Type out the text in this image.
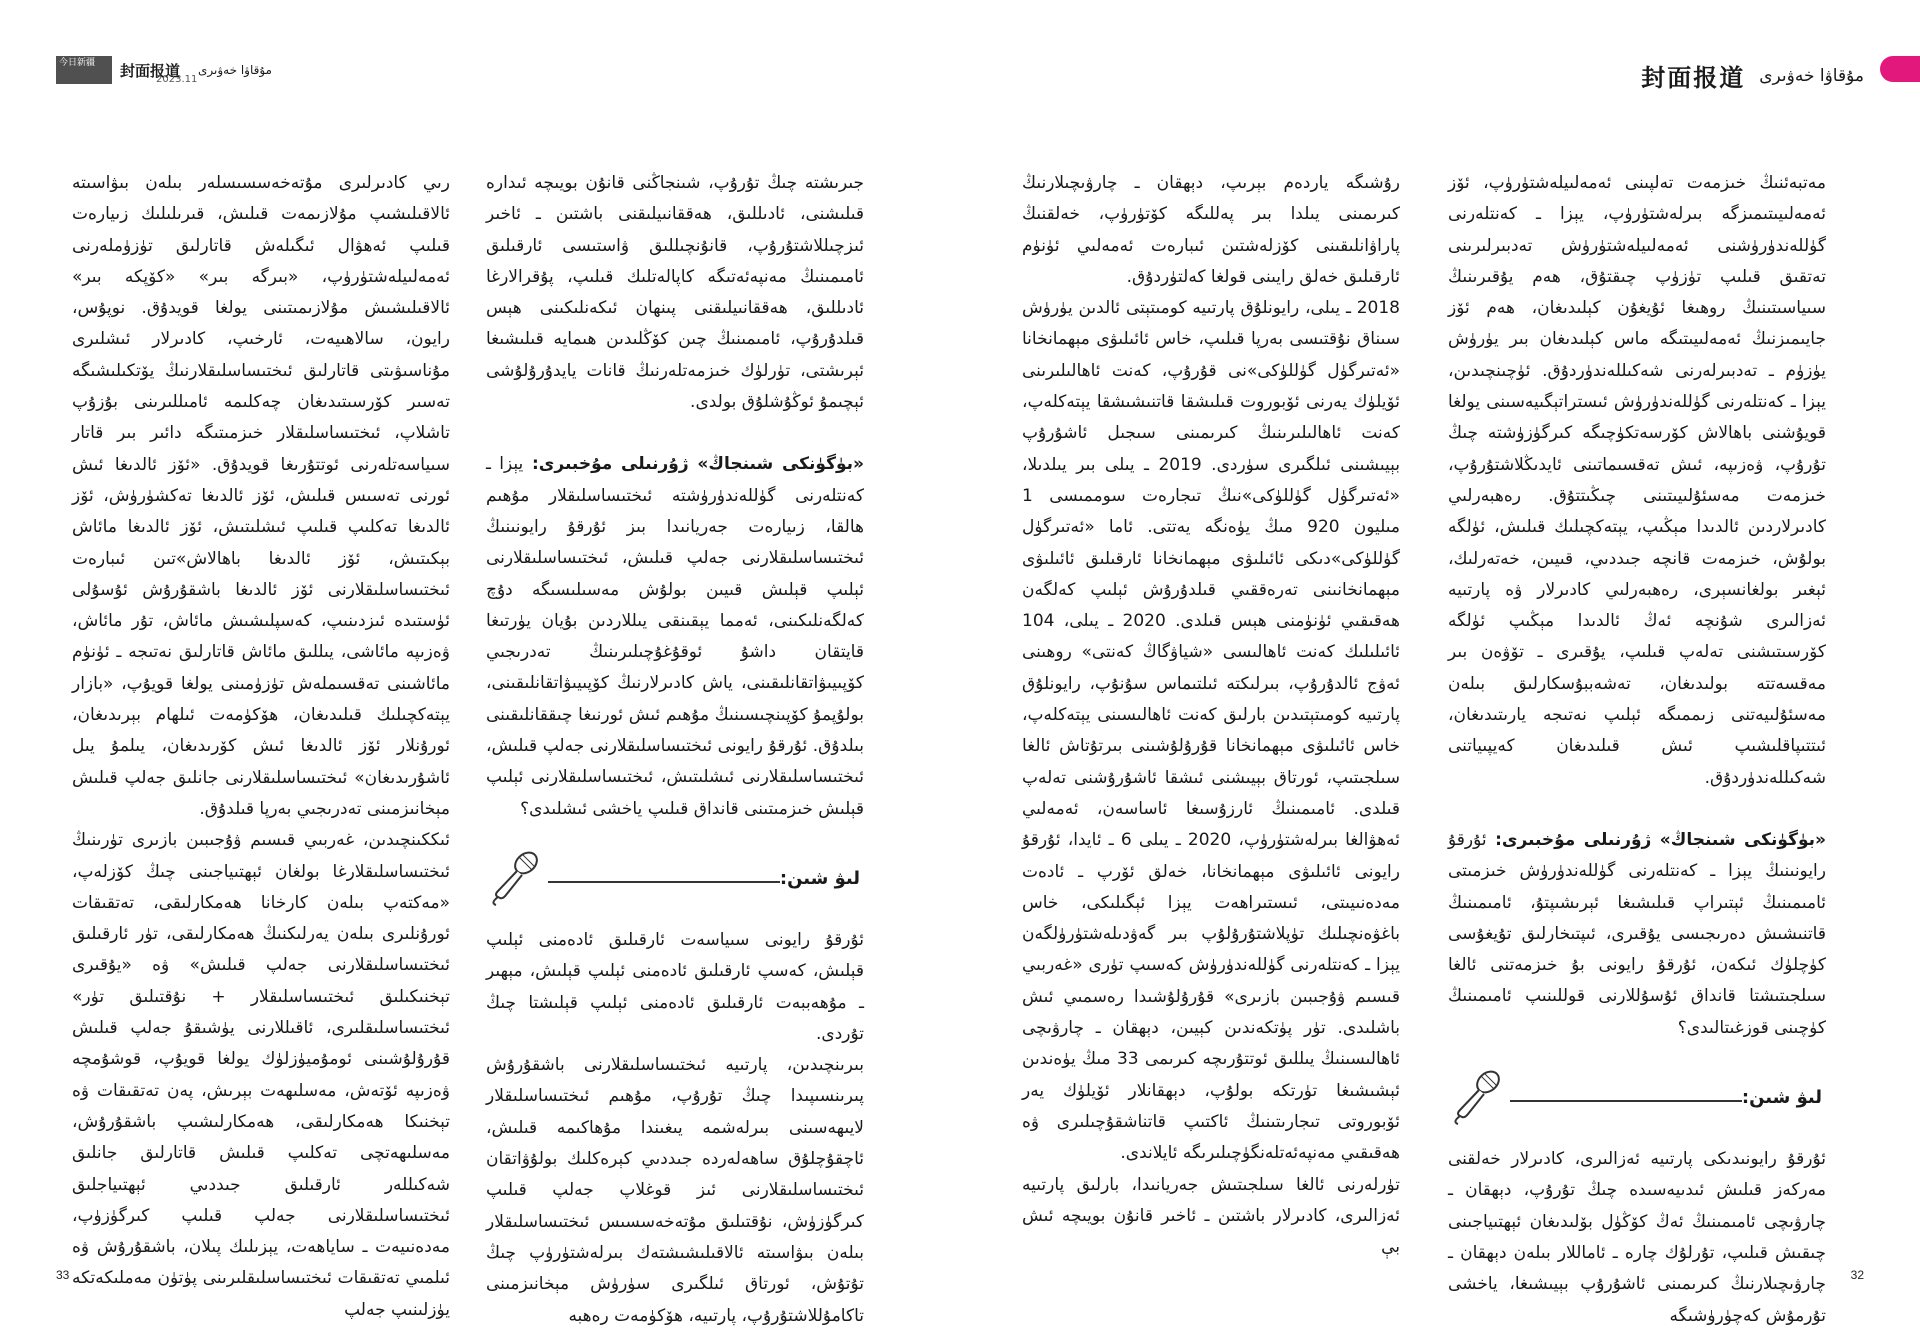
今日新疆	封面报道 مۇقاۋا خەۋىرى
2023.11	封面报道 مۇقاۋا خەۋىرى

مەتبەئنىڭ خىزمەت تەلپىنى ئەمەلىيلەشتۈرۈپ، ئۆز ئەمەلىيىتىمىزگە بىرلەشتۈرۈپ، يېزا ـ كەنتلەرنى گۈللەندۈرۈشنى ئەمەلىيلەشتۈرۈش تەدبىرلىرىنى تەتقىق قىلىپ تۈزۈپ چىقتۇق، ھەم يۇقىرىنىڭ سىياسىتىنىڭ روھىغا ئۇيغۇن كېلىدىغان، ھەم ئۆز جايىمىزنىڭ ئەمەلىيىتىگە ماس كېلىدىغان بىر يۈرۈش يۈزۈم ـ تەدبىرلەرنى شەكىللەندۈردۇق. ئۈچىنچىدىن، يېزا ـ كەنتلەرنى گۈللەندۈرۈش ئىستراتېگىيەسىنى يولغا قويۇشنى باھالاش كۆرسەتكۈچىگە كىرگۈزۈشتە چىڭ تۇرۇپ، ۋەزىپە، ئىش تەقسىماتىنى ئايدىڭلاشتۇرۇپ، خىزمەت مەسئۇلىيىتىنى چىڭىتتۇق. رەھبەرلىي كادىرلاردىن ئالدىدا مېڭىپ، يېتەكچىلىك قىلىش، ئۈلگە بولۇش، خىزمەت قانچە جىددىي، قىيىن، خەتەرلىك، ئېغىر بولغانسېرى، رەھبەرلىي كادىرلار ۋە پارتىيە ئەزالىرى شۇنچە ئەڭ ئالدىدا مېڭىپ ئۈلگە كۆرسىتىشنى تەلەپ قىلىپ، يۇقىرى ـ تۆۋەن بىر مەقسەتتە بولىدىغان، تەشەببۇسكارلىق بىلەن مەسئۇلىيەتنى زىممىگە ئېلىپ نەتىجە يارىتىدىغان، ئىتتىپاقلىشىپ ئىش قىلىدىغان كەيپىياتنى شەكىللەندۈردۇق.

«بۈگۈنكى شىنجاڭ» ژۇرنىلى مۇخبىرى: ئۇرقۇ رايونىنىڭ يېزا ـ كەنتلەرنى گۈللەندۈرۈش خىزمىتى ئامىمىنىڭ ئېتىراپ قىلىشىغا ئېرىشىپتۇ، ئامىمىنىڭ قاتنىشىش دەرىجىسى يۇقىرى، ئىپتىخارلىق تۇيغۇسى كۈچلۈك ئىكەن، ئۇرقۇ رايونى بۇ خىزمەتنى ئالغا سىلجىتىشتا قانداق ئۇسۇللارنى قوللىنىپ ئامىمىنىڭ كۈچىنى قوزغىتالىدى؟

لىۋ شىن:

ئۇرقۇ رايونىدىكى پارتىيە ئەزالىرى، كادىرلار خەلقنى مەركەز قىلىش ئىدىيەسىدە چىڭ تۇرۇپ، دېھقان ـ چارۋىچى ئامىمىنىڭ ئەڭ كۆڭۈل بۆلىدىغان ئېھتىياجىنى چىقىش قىلىپ، تۇرلۇك چارە ـ ئاماللار بىلەن دېھقان ـ چارۋىچىلارنىڭ كىرىمىنى ئاشۇرۇپ بېيىشىغا، ياخشى تۇرمۇش كەچۈرۈشىگە

رۇشىگە ياردەم بېرىپ، دېھقان ـ چارۋىچىلارنىڭ كىرىمىنى يىلدا بىر پەللىگە كۆتۈرۈپ، خەلقنىڭ پاراۋانلىقىنى كۆزلەشتىن ئىبارەت ئەمەلىي ئۈنۈم ئارقىلىق خەلق رايىنى قولغا كەلتۈردۇق.

2018 ـ يىلى، رايونلۇق پارتىيە كومىتېتى ئالدىن يۈرۈش سىناق نۇقتىسى بەرپا قىلىپ، خاس ئائىلىۋى مېھمانخانا «ئەتىرگۈل گۈللۈكى»نى قۇرۇپ، كەنت ئاھالىلىرىنى ئۆيلۈك يەرنى ئۆبوروت قىلىشقا قاتنىشىشقا يېتەكلەپ، كەنت ئاھالىلىرىنىڭ كىرىمىنى سىجىل ئاشۇرۇپ بېيىشىنى ئىلگىرى سۈردى. 2019 ـ يىلى بىر يىلدىلا، «ئەتىرگۈل گۈللۈكى»نىڭ تىجارەت سوممىسى 1 مىليون 920 مىڭ يۈەنگە يەتتى. ئاما «ئەتىرگۈل گۈللۈكى»دىكى ئائىلىۋى مېھمانخانا ئارقىلىق ئائىلىۋى مېھمانخانىنى تەرەققىي قىلدۇرۇش ئېلىپ كەلگەن ھەقىقىي ئۈنۈمنى ھېس قىلدى. 2020 ـ يىلى، 104 ئائىلىلىك كەنت ئاھالىسى «شياۋگاڭ كەنتى» روھىنى ئەۋج ئالدۇرۇپ، بىرلىكتە ئىلتىماس سۇنۇپ، رايونلۇق پارتىيە كومىتېتىدىن بارلىق كەنت ئاھالىسىنى يېتەكلەپ، خاس ئائىلىۋى مېھمانخانا قۇرۇلۇشىنى بىرتۇتاش ئالغا سىلجىتىپ، ئورتاق بېيىشنى ئىشقا ئاشۇرۇشنى تەلەپ قىلدى. ئامىمىنىڭ ئارزۇسىغا ئاساسەن، ئەمەلىي ئەھۋالغا بىرلەشتۈرۈپ، 2020 ـ يىلى 6 ـ ئايدا، ئۇرقۇ رايونى ئائىلىۋى مېھمانخانا، خەلق ئۆرپ ـ ئادەت مەدەنىيىتى، ئىستىراھەت يېزا ئېگىلىكى، خاس باغۋەنچىلىك تۈپلاشتۇرۇلۇپ بىر گەۋدىلەشتۈرۈلگەن يېزا ـ كەنتلەرنى گۈللەندۈرۈش كەسىپ تۈرى «غەربىي قىسىم ۋۇجىبىن بازىرى» قۇرۇلۇشىدا رەسمىي ئىش باشلىدى. تۈر پۈتكەندىن كېيىن، دېھقان ـ چارۋىچى ئاھالىسىنىڭ يىللىق ئوتتۇرىچە كىرىمى 33 مىڭ يۈەندىن ئېشىشىغا تۈرتكە بولۇپ، دېھقانلار ئۆيلۈك يەر ئۆبوروتى تىجارىتىنىڭ ئاكتىپ قاتناشقۇچىلىرى ۋە ھەقىقىي مەنپەئەتلەنگۈچىلىرىگە ئايلاندى.

تۈرلەرنى ئالغا سىلجىتىش جەريانىدا، بارلىق پارتىيە ئەزالىرى، كادىرلار باشتىن ـ ئاخىر قانۇن بويىچە ئىش بې

جىرىشتە چىڭ تۇرۇپ، شىنجاڭنى قانۇن بويىچە ئىدارە قىلىشنى، ئادىللىق، ھەققانىيلىقنى باشتىن ـ ئاخىر ئىزچىللاشتۇرۇپ، قانۇنچىللىق ۋاستىسى ئارقىلىق ئامىمىنىڭ مەنپەئەتىگە كاپالەتلىك قىلىپ، پۇقرالارغا ئادىللىق، ھەققانىيلىقنى پىنھان ئىكەنلىكىنى ھېس قىلدۇرۇپ، ئامىمىنىڭ چىن كۆڭلىدىن ھىمايە قىلىشىغا ئېرىشتى، تۈرلۈك خىزمەتلەرنىڭ قانات يايدۇرۇلۇشى ئېچىمۇ ئوڭۇشلۇق بولدى.

«بۈگۈنكى شىنجاڭ» ژۇرنىلى مۇخبىرى: يېزا ـ كەنتلەرنى گۈللەندۈرۈشتە ئىختىساسلىقلار مۇھىم ھالقا، زىيارەت جەريانىدا بىز ئۇرقۇ رايونىنىڭ ئىختىساسلىقلارنى جەلپ قىلىش، ئىختىساسلىقلارنى ئېلىپ قېلىش قىيىن بولۇش مەسىلىسىگە دۇچ كەلگەنلىكىنى، ئەمما يېقىنقى يىللاردىن بۇيان يۈرتىغا قايتقان داشۇ ئوقۇغۇچىلىرىنىڭ تەدرىجىي كۆپىيىۋاتقانلىقىنى، ياش كادىرلارنىڭ كۆپىيىۋاتقانلىقىنى، بولۇپمۇ كۆپىنچىسىنىڭ مۇھىم ئىش ئورنىغا چىققانلىقىنى بىلدۇق. ئۇرقۇ رايونى ئىختىساسلىقلارنى جەلپ قىلىش، ئىختىساسلىقلارنى ئىشلىتىش، ئىختىساسلىقلارنى ئېلىپ قېلىش خىزمىتىنى قانداق قىلىپ ياخشى ئىشلىدى؟

لىۋ شىن:

ئۇرقۇ رايونى سىياسەت ئارقىلىق ئادەمنى ئېلىپ قېلىش، كەسپ ئارقىلىق ئادەمنى ئېلىپ قېلىش، مېھىر ـ مۇھەببەت ئارقىلىق ئادەمنى ئېلىپ قېلىشتا چىڭ تۇردى.

بىرىنچىدىن، پارتىيە ئىختىساسلىقلارنى باشقۇرۇش پىرىنسىپىدا چىڭ تۇرۇپ، مۇھىم ئىختىساسلىقلار لايىھەسىنى بىرلەشمە يىغىندا مۇھاكىمە قىلىش، ئاچقۇچلۇق ساھەلەردە جىددىي كېرەكلىك بولۇۋاتقان ئىختىساسلىقلارنى ئىز قوغلاپ جەلپ قىلىپ كىرگۈزۈش، نۇقتىلىق مۇتەخەسسىس ئىختىساسلىقلار بىلەن بىۋاسىتە ئالاقىلىشىشتەك بىرلەشتۈرۈپ چىڭ تۇتۇش، ئورتاق ئىلگىرى سۈرۈش مېخانىزمىنى تاكامۇللاشتۇرۇپ، پارتىيە، ھۆكۈمەت رەھبە

رىي كادىرلىرى مۇتەخەسسىسلەر بىلەن بىۋاسىتە ئالاقىلىشىپ مۇلازىمەت قىلىش، قىرىلىلىك زىيارەت قىلىپ ئەھۋال ئىگىلەش قاتارلىق تۈزۈملەرنى ئەمەلىيلەشتۈرۈپ، «بىرگە بىر» «كۆپكە بىر» ئالاقىلىشىش مۇلازىمىتىنى يولغا قويدۇق. نوپۇس، رايون، سالاھىيەت، ئارخىپ، كادىرلار ئىشلىرى مۇناسىۋىتى قاتارلىق ئىختىساسلىقلارنىڭ يۆتكىلىشىگە تەسىر كۆرسىتىدىغان چەكلىمە ئامىللىرىنى بۇزۇپ تاشلاپ، ئىختىساسلىقلار خىزمىتىگە دائىر بىر قاتار سىياسەتلەرنى ئوتتۇرىغا قويدۇق. «ئۆز ئالدىغا ئىش ئورنى تەسىس قىلىش، ئۆز ئالدىغا تەكشۈرۈش، ئۆز ئالدىغا تەكلىپ قىلىپ ئىشلىتىش، ئۆز ئالدىغا مائاش بېكىتىش، ئۆز ئالدىغا باھالاش»تىن ئىبارەت ئىختىساسلىقلارنى ئۆز ئالدىغا باشقۇرۇش ئۇسۇلى ئۈستىدە ئىزدىنىپ، كەسپلىشىش مائاش، تۇر مائاش، ۋەزىپە مائاشى، يىللىق مائاش قاتارلىق نەتىجە ـ ئۈنۈم مائاشىنى تەقسىملەش تۈزۈمىنى يولغا قويۇپ، «بازار يېتەكچىلىك قىلىدىغان، ھۆكۈمەت ئىلھام بېرىدىغان، ئورۇنلار ئۆز ئالدىغا ئىش كۆرىدىغان، يىلمۇ يىل ئاشۇرىدىغان» ئىختىساسلىقلارنى جانلىق جەلپ قىلىش مېخانىزمىنى تەدرىجىي بەرپا قىلدۇق.

ئىككىنچىدىن، غەربىي قىسىم ۋۇجىبىن بازىرى تۈرىنىڭ ئىختىساسلىقلارغا بولغان ئېھتىياجىنى چىڭ كۆزلەپ، «مەكتەپ بىلەن كارخانا ھەمكارلىقى، تەتقىقات ئورۇنلىرى بىلەن يەرلىكنىڭ ھەمكارلىقى، تۈر ئارقىلىق ئىختىساسلىقلارنى جەلپ قىلىش» ۋە «يۇقىرى تېخنىكىلىق ئىختىساسلىقلار + نۇقتىلىق تۈر» ئىختىساسلىقلىرى، ئاقىللارنى يۈشىقۇ جەلپ قىلىش قۇرۇلۇشىنى ئومۇميۈزلۈك يولغا قويۇپ، قوشۇمچە ۋەزىپە ئۆتەش، مەسلىھەت بېرىش، پەن تەتقىقات ۋە تېخنىكا ھەمكارلىقى، ھەمكارلىشىپ باشقۇرۇش، مەسلىھەتچى تەكلىپ قىلىش قاتارلىق جانلىق شەكىللەر ئارقىلىق جىددىي ئېھتىياجلىق ئىختىساسلىقلارنى جەلپ قىلىپ كىرگۈزۈپ، مەدەنىيەت ـ ساياھەت، يېزىلىك پىلان، باشقۇرۇش ۋە ئىلمىي تەتقىقات ئىختىساسلىقلىرىنى پۈتۈن مەملىكەتكە يۈزلىنىپ جەلپ

33	32
